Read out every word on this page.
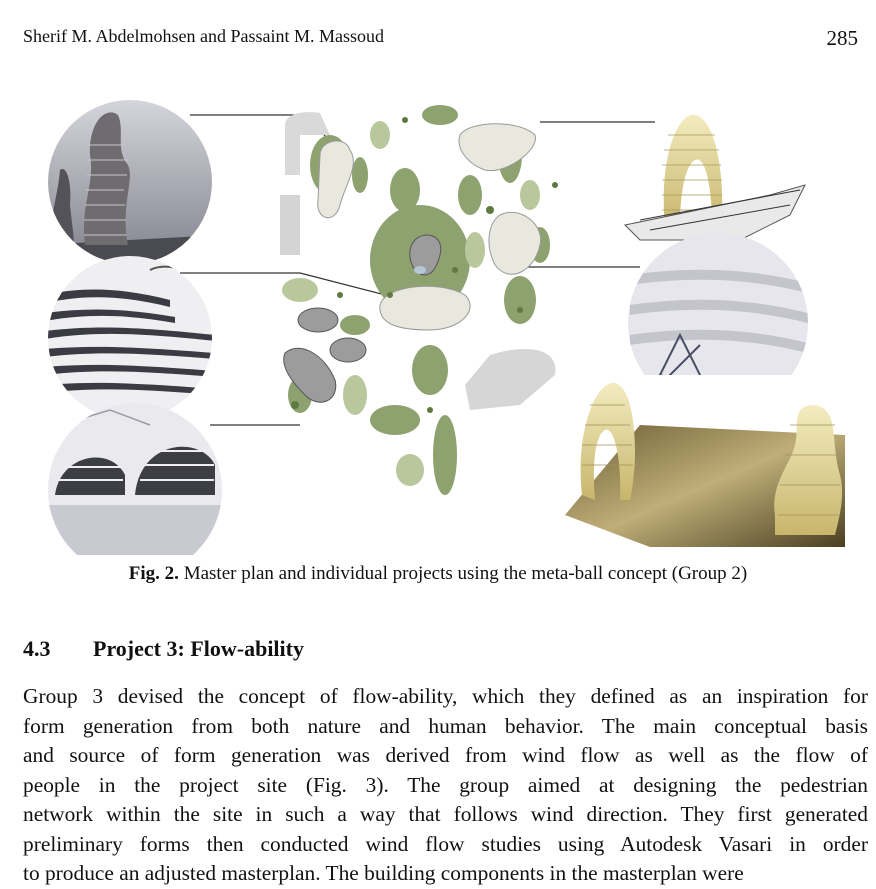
Sherif M. Abdelmohsen and Passaint M. Massoud	285
Fig. 2. Master plan and individual projects using the meta-ball concept (Group 2)
4.3 Project 3: Flow-ability
Group 3 devised the concept of flow-ability, which they defined as an inspiration for
form generation from both nature and human behavior. The main conceptual basis
and source of form generation was derived from wind flow as well as the flow of
people in the project site (Fig. 3). The group aimed at designing the pedestrian
network within the site in such a way that follows wind direction. They first generated
preliminary forms then conducted wind flow studies using Autodesk Vasari in order
to produce an adjusted masterplan. The building components in the masterplan were
